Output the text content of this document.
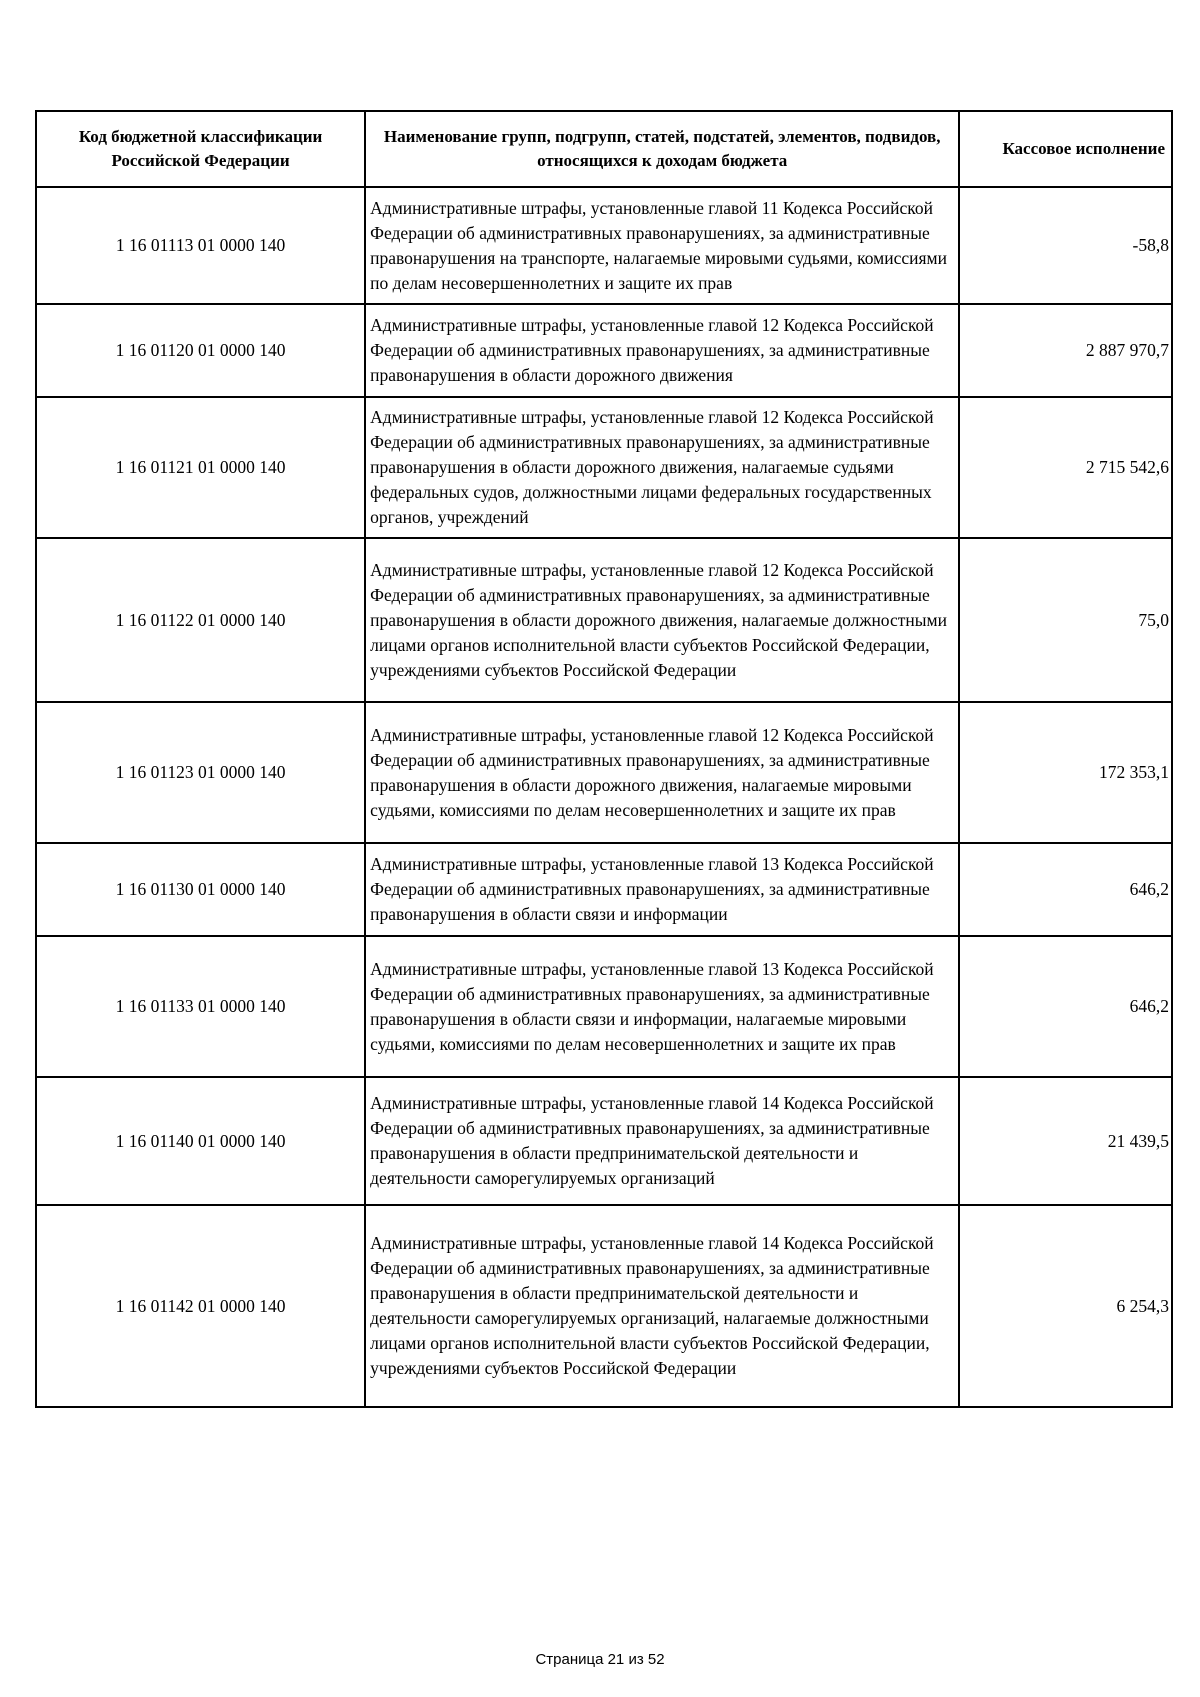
Код бюджетной классификации Российской Федерации	Наименование групп, подгрупп, статей, подстатей, элементов, подвидов, относящихся к доходам бюджета	Кассовое исполнение
1 16 01113 01 0000 140	Административные штрафы, установленные главой 11 Кодекса Российской Федерации об административных правонарушениях, за административные правонарушения на транспорте, налагаемые мировыми судьями, комиссиями по делам несовершеннолетних и защите их прав	-58,8
1 16 01120 01 0000 140	Административные штрафы, установленные главой 12 Кодекса Российской Федерации об административных правонарушениях, за административные правонарушения в области дорожного движения	2 887 970,7
1 16 01121 01 0000 140	Административные штрафы, установленные главой 12 Кодекса Российской Федерации об административных правонарушениях, за административные правонарушения в области дорожного движения, налагаемые судьями федеральных судов, должностными лицами федеральных государственных органов, учреждений	2 715 542,6
1 16 01122 01 0000 140	Административные штрафы, установленные главой 12 Кодекса Российской Федерации об административных правонарушениях, за административные правонарушения в области дорожного движения, налагаемые должностными лицами органов исполнительной власти субъектов Российской Федерации, учреждениями субъектов Российской Федерации	75,0
1 16 01123 01 0000 140	Административные штрафы, установленные главой 12 Кодекса Российской Федерации об административных правонарушениях, за административные правонарушения в области дорожного движения, налагаемые мировыми судьями, комиссиями по делам несовершеннолетних и защите их прав	172 353,1
1 16 01130 01 0000 140	Административные штрафы, установленные главой 13 Кодекса Российской Федерации об административных правонарушениях, за административные правонарушения в области связи и информации	646,2
1 16 01133 01 0000 140	Административные штрафы, установленные главой 13 Кодекса Российской Федерации об административных правонарушениях, за административные правонарушения в области связи и информации, налагаемые мировыми судьями, комиссиями по делам несовершеннолетних и защите их прав	646,2
1 16 01140 01 0000 140	Административные штрафы, установленные главой 14 Кодекса Российской Федерации об административных правонарушениях, за административные правонарушения в области предпринимательской деятельности и деятельности саморегулируемых организаций	21 439,5
1 16 01142 01 0000 140	Административные штрафы, установленные главой 14 Кодекса Российской Федерации об административных правонарушениях, за административные правонарушения в области предпринимательской деятельности и деятельности саморегулируемых организаций, налагаемые должностными лицами органов исполнительной власти субъектов Российской Федерации, учреждениями субъектов Российской Федерации	6 254,3
Страница 21 из 52
